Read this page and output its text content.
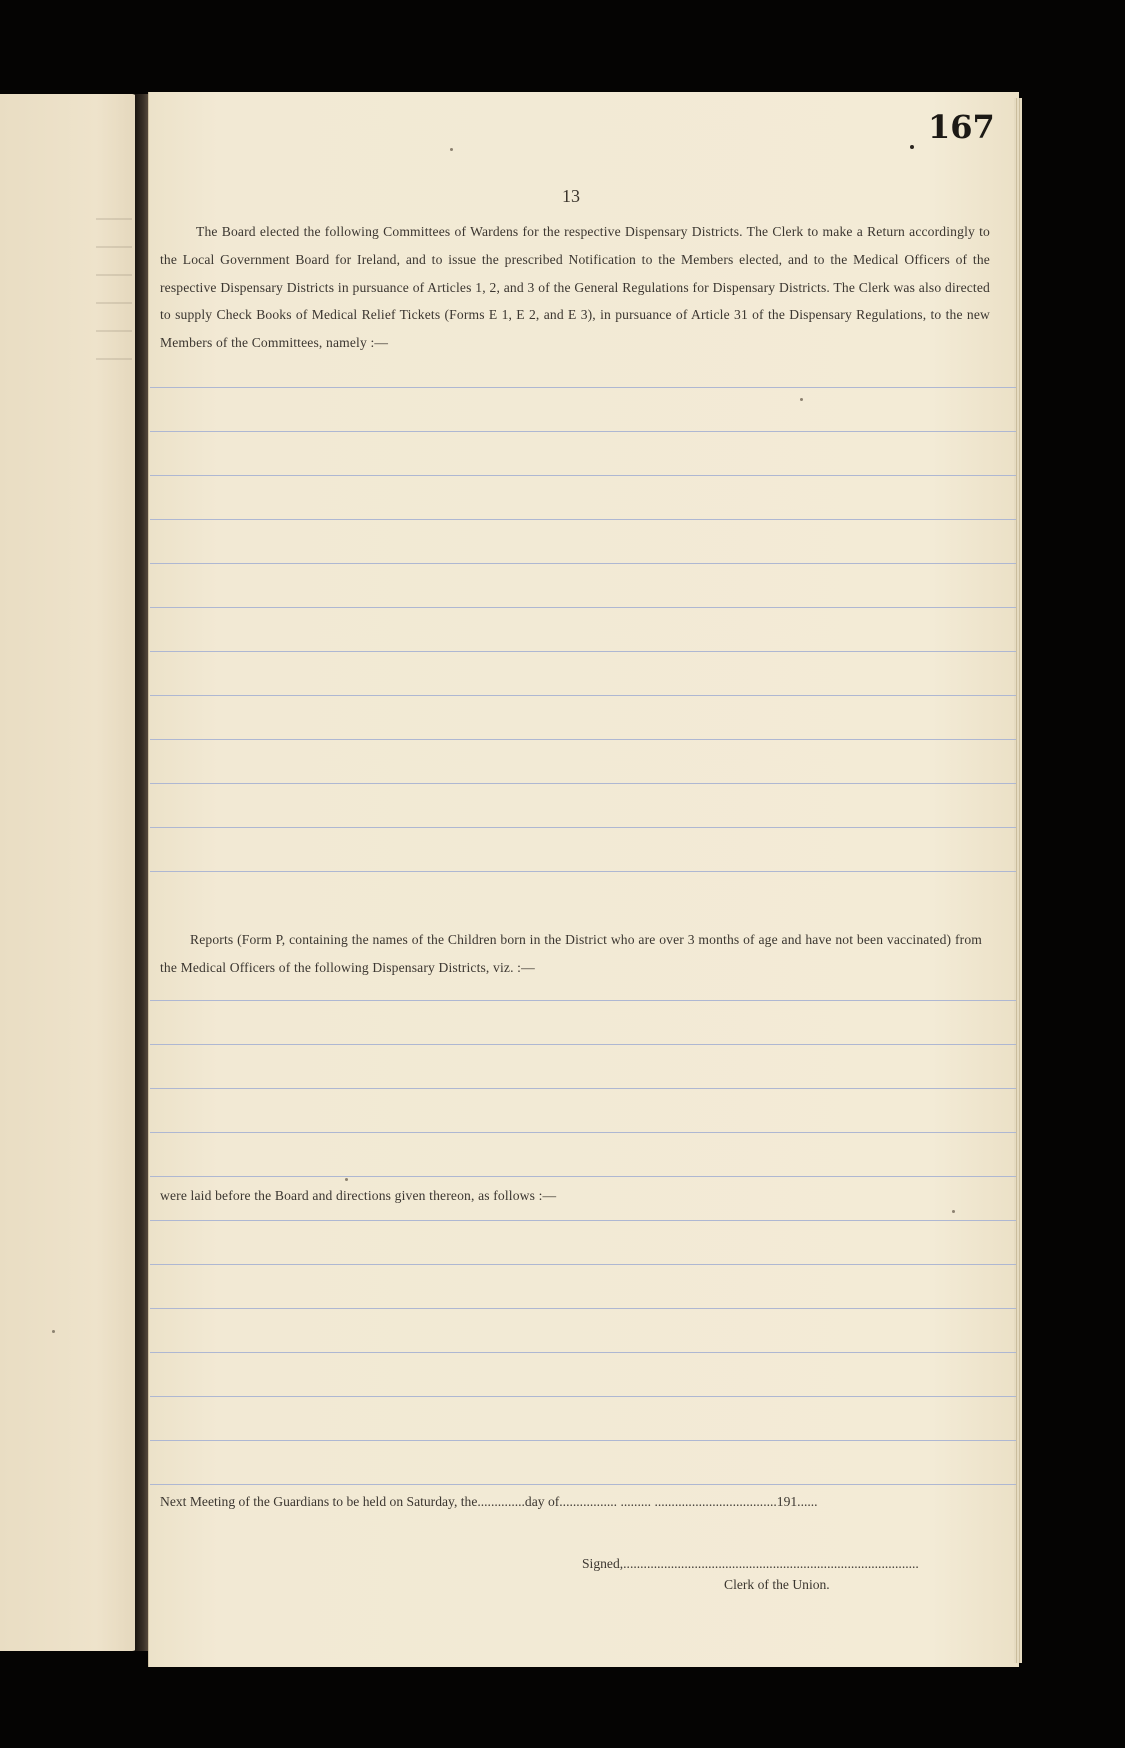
167
13
The Board elected the following Committees of Wardens for the respective Dispensary Districts. The Clerk to make a Return accordingly to the Local Government Board for Ireland, and to issue the prescribed Notification to the Members elected, and to the Medical Officers of the respective Dispensary Districts in pursuance of Articles 1, 2, and 3 of the General Regulations for Dispensary Districts. The Clerk was also directed to supply Check Books of Medical Relief Tickets (Forms E 1, E 2, and E 3), in pursuance of Article 31 of the Dispensary Regulations, to the new Members of the Committees, namely :—
Reports (Form P, containing the names of the Children born in the District who are over 3 months of age and have not been vaccinated) from the Medical Officers of the following Dispensary Districts, viz. :—
were laid before the Board and directions given thereon, as follows :—
Next Meeting of the Guardians to be held on Saturday, the..............day of................. ......... ....................................191......
Signed,.......................................................................................
Clerk of the Union.
